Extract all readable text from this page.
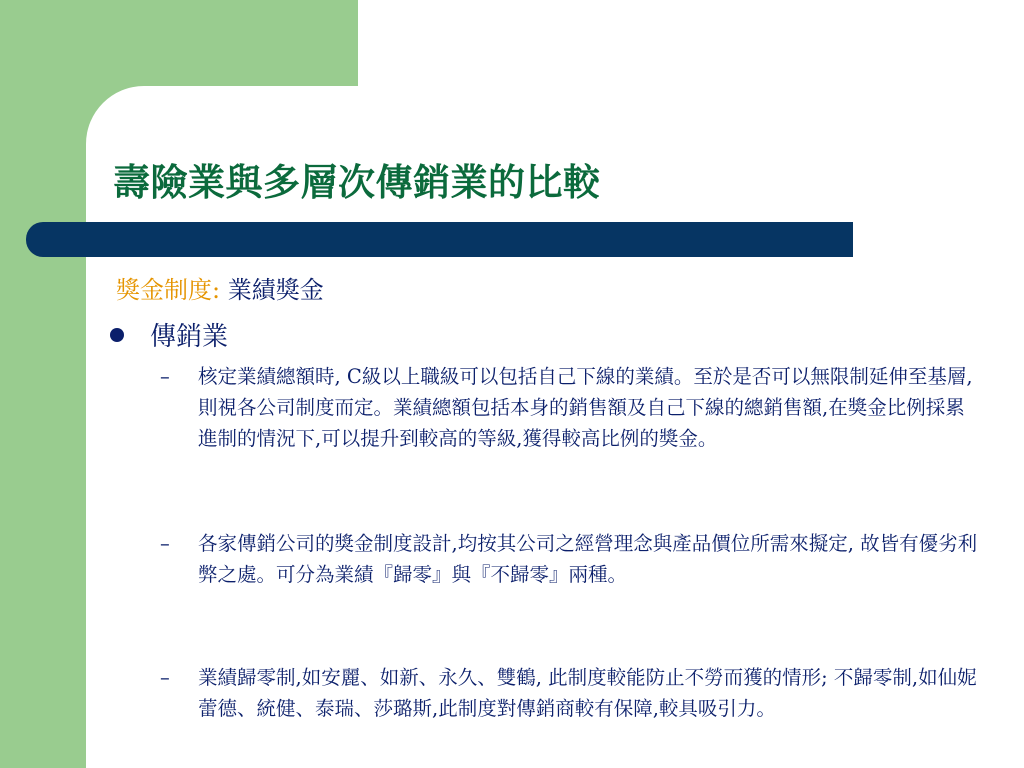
壽險業與多層次傳銷業的比較
獎金制度: 業績獎金
傳銷業
–	核定業績總額時, C級以上職級可以包括自己下線的業績。至於是否可以無限制延伸至基層,則視各公司制度而定。業績總額包括本身的銷售額及自己下線的總銷售額,在獎金比例採累進制的情況下,可以提升到較高的等級,獲得較高比例的獎金。

–	各家傳銷公司的獎金制度設計,均按其公司之經營理念與產品價位所需來擬定, 故皆有優劣利弊之處。可分為業績『歸零』與『不歸零』兩種。

–	業績歸零制,如安麗、如新、永久、雙鶴, 此制度較能防止不勞而獲的情形; 不歸零制,如仙妮蕾德、統健、泰瑞、莎璐斯,此制度對傳銷商較有保障,較具吸引力。
